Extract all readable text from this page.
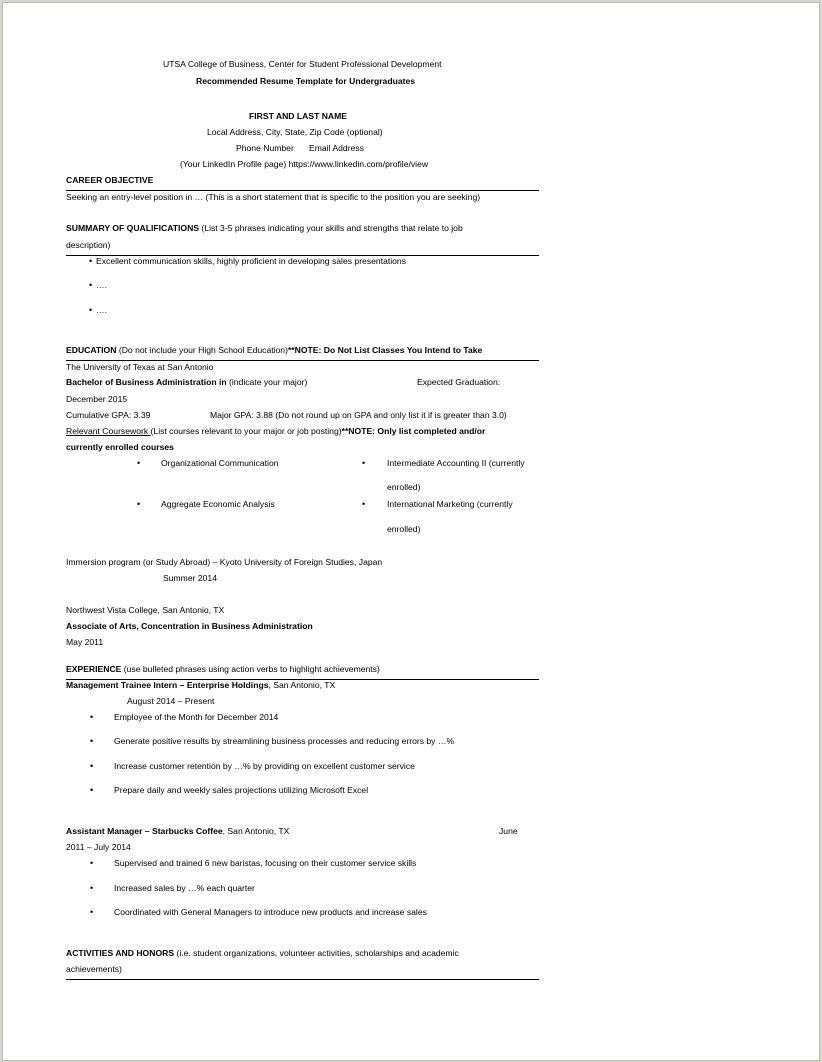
UTSA College of Business, Center for Student Professional Development
Recommended Resume Template for Undergraduates
FIRST AND LAST NAME
Local Address, City, State, Zip Code (optional)
Phone Number Email Address
(Your LinkedIn Profile page) https://www.linkedin.com/profile/view
CAREER OBJECTIVE
Seeking an entry-level position in … (This is a short statement that is specific to the position you are seeking)
SUMMARY OF QUALIFICATIONS (List 3-5 phrases indicating your skills and strengths that relate to job
description)
• Excellent communication skills, highly proficient in developing sales presentations
• ….
• ….
EDUCATION (Do not include your High School Education)**NOTE: Do Not List Classes You Intend to Take
The University of Texas at San Antonio
Bachelor of Business Administration in (indicate your major)	Expected Graduation:
December 2015
Cumulative GPA: 3.39	Major GPA: 3.88 (Do not round up on GPA and only list it if is greater than 3.0)
Relevant Coursework (List courses relevant to your major or job posting)**NOTE: Only list completed and/or
currently enrolled courses
• Organizational Communication	•	Intermediate Accounting II (currently
enrolled)
• Aggregate Economic Analysis	•	International Marketing (currently
enrolled)
Immersion program (or Study Abroad) – Kyoto University of Foreign Studies, Japan
Summer 2014
Northwest Vista College, San Antonio, TX
Associate of Arts, Concentration in Business Administration
May 2011
EXPERIENCE (use bulleted phrases using action verbs to highlight achievements)
Management Trainee Intern – Enterprise Holdings, San Antonio, TX
August 2014 – Present
• Employee of the Month for December 2014
• Generate positive results by streamlining business processes and reducing errors by …%
• Increase customer retention by …% by providing on excellent customer service
• Prepare daily and weekly sales projections utilizing Microsoft Excel
Assistant Manager – Starbucks Coffee, San Antonio, TX	June
2011 – July 2014
• Supervised and trained 6 new baristas, focusing on their customer service skills
• Increased sales by …% each quarter
• Coordinated with General Managers to introduce new products and increase sales
ACTIVITIES AND HONORS (i.e. student organizations, volunteer activities, scholarships and academic
achievements)
